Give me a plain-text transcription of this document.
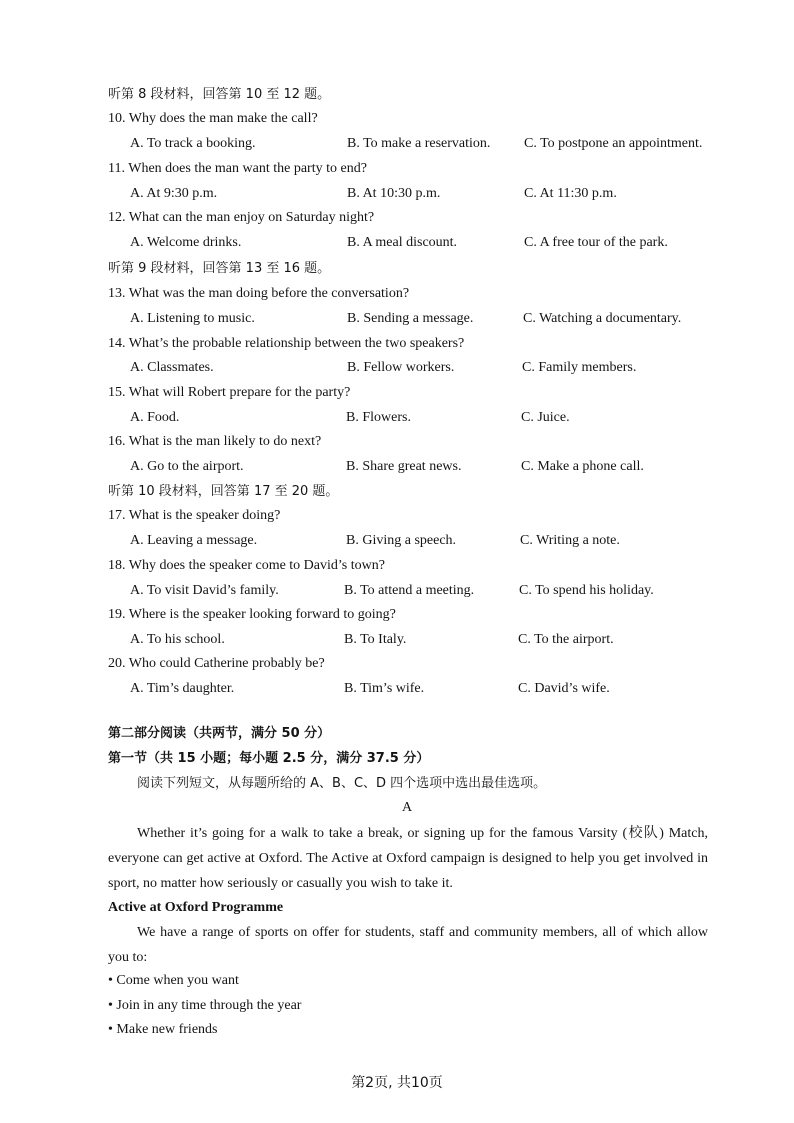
听第 8 段材料，回答第 10 至 12 题。
10. Why does the man make the call?
A. To track a booking.	B. To make a reservation. C. To postpone an appointment.
11. When does the man want the party to end?
A. At 9:30 p.m.	B. At 10:30 p.m.	C. At 11:30 p.m.
12. What can the man enjoy on Saturday night?
A. Welcome drinks.	B. A meal discount.	C. A free tour of the park.
听第 9 段材料，回答第 13 至 16 题。
13. What was the man doing before the conversation?
A. Listening to music.	B. Sending a message.	C. Watching a documentary.
14. What’s the probable relationship between the two speakers?
A. Classmates.	B. Fellow workers.	C. Family members.
15. What will Robert prepare for the party?
A. Food.	B. Flowers.	C. Juice.
16. What is the man likely to do next?
A. Go to the airport.	B. Share great news.	C. Make a phone call.
听第 10 段材料，回答第 17 至 20 题。
17. What is the speaker doing?
A. Leaving a message.	B. Giving a speech.	C. Writing a note.
18. Why does the speaker come to David’s town?
A. To visit David’s family.	B. To attend a meeting.	C. To spend his holiday.
19. Where is the speaker looking forward to going?
A. To his school.	B. To Italy.	C. To the airport.
20. Who could Catherine probably be?
A. Tim’s daughter.	B. Tim’s wife.	C. David’s wife.
第二部分阅读（共两节，满分 50 分）
第一节（共 15 小题；每小题 2.5 分，满分 37.5 分）
阅读下列短文，从每题所给的 A、B、C、D 四个选项中选出最佳选项。
A
Whether it’s going for a walk to take a break, or signing up for the famous Varsity (校队) Match, everyone can get active at Oxford. The Active at Oxford campaign is designed to help you get involved in sport, no matter how seriously or casually you wish to take it.
Active at Oxford Programme
We have a range of sports on offer for students, staff and community members, all of which allow you to:
• Come when you want
• Join in any time through the year
• Make new friends
第2页, 共10页
